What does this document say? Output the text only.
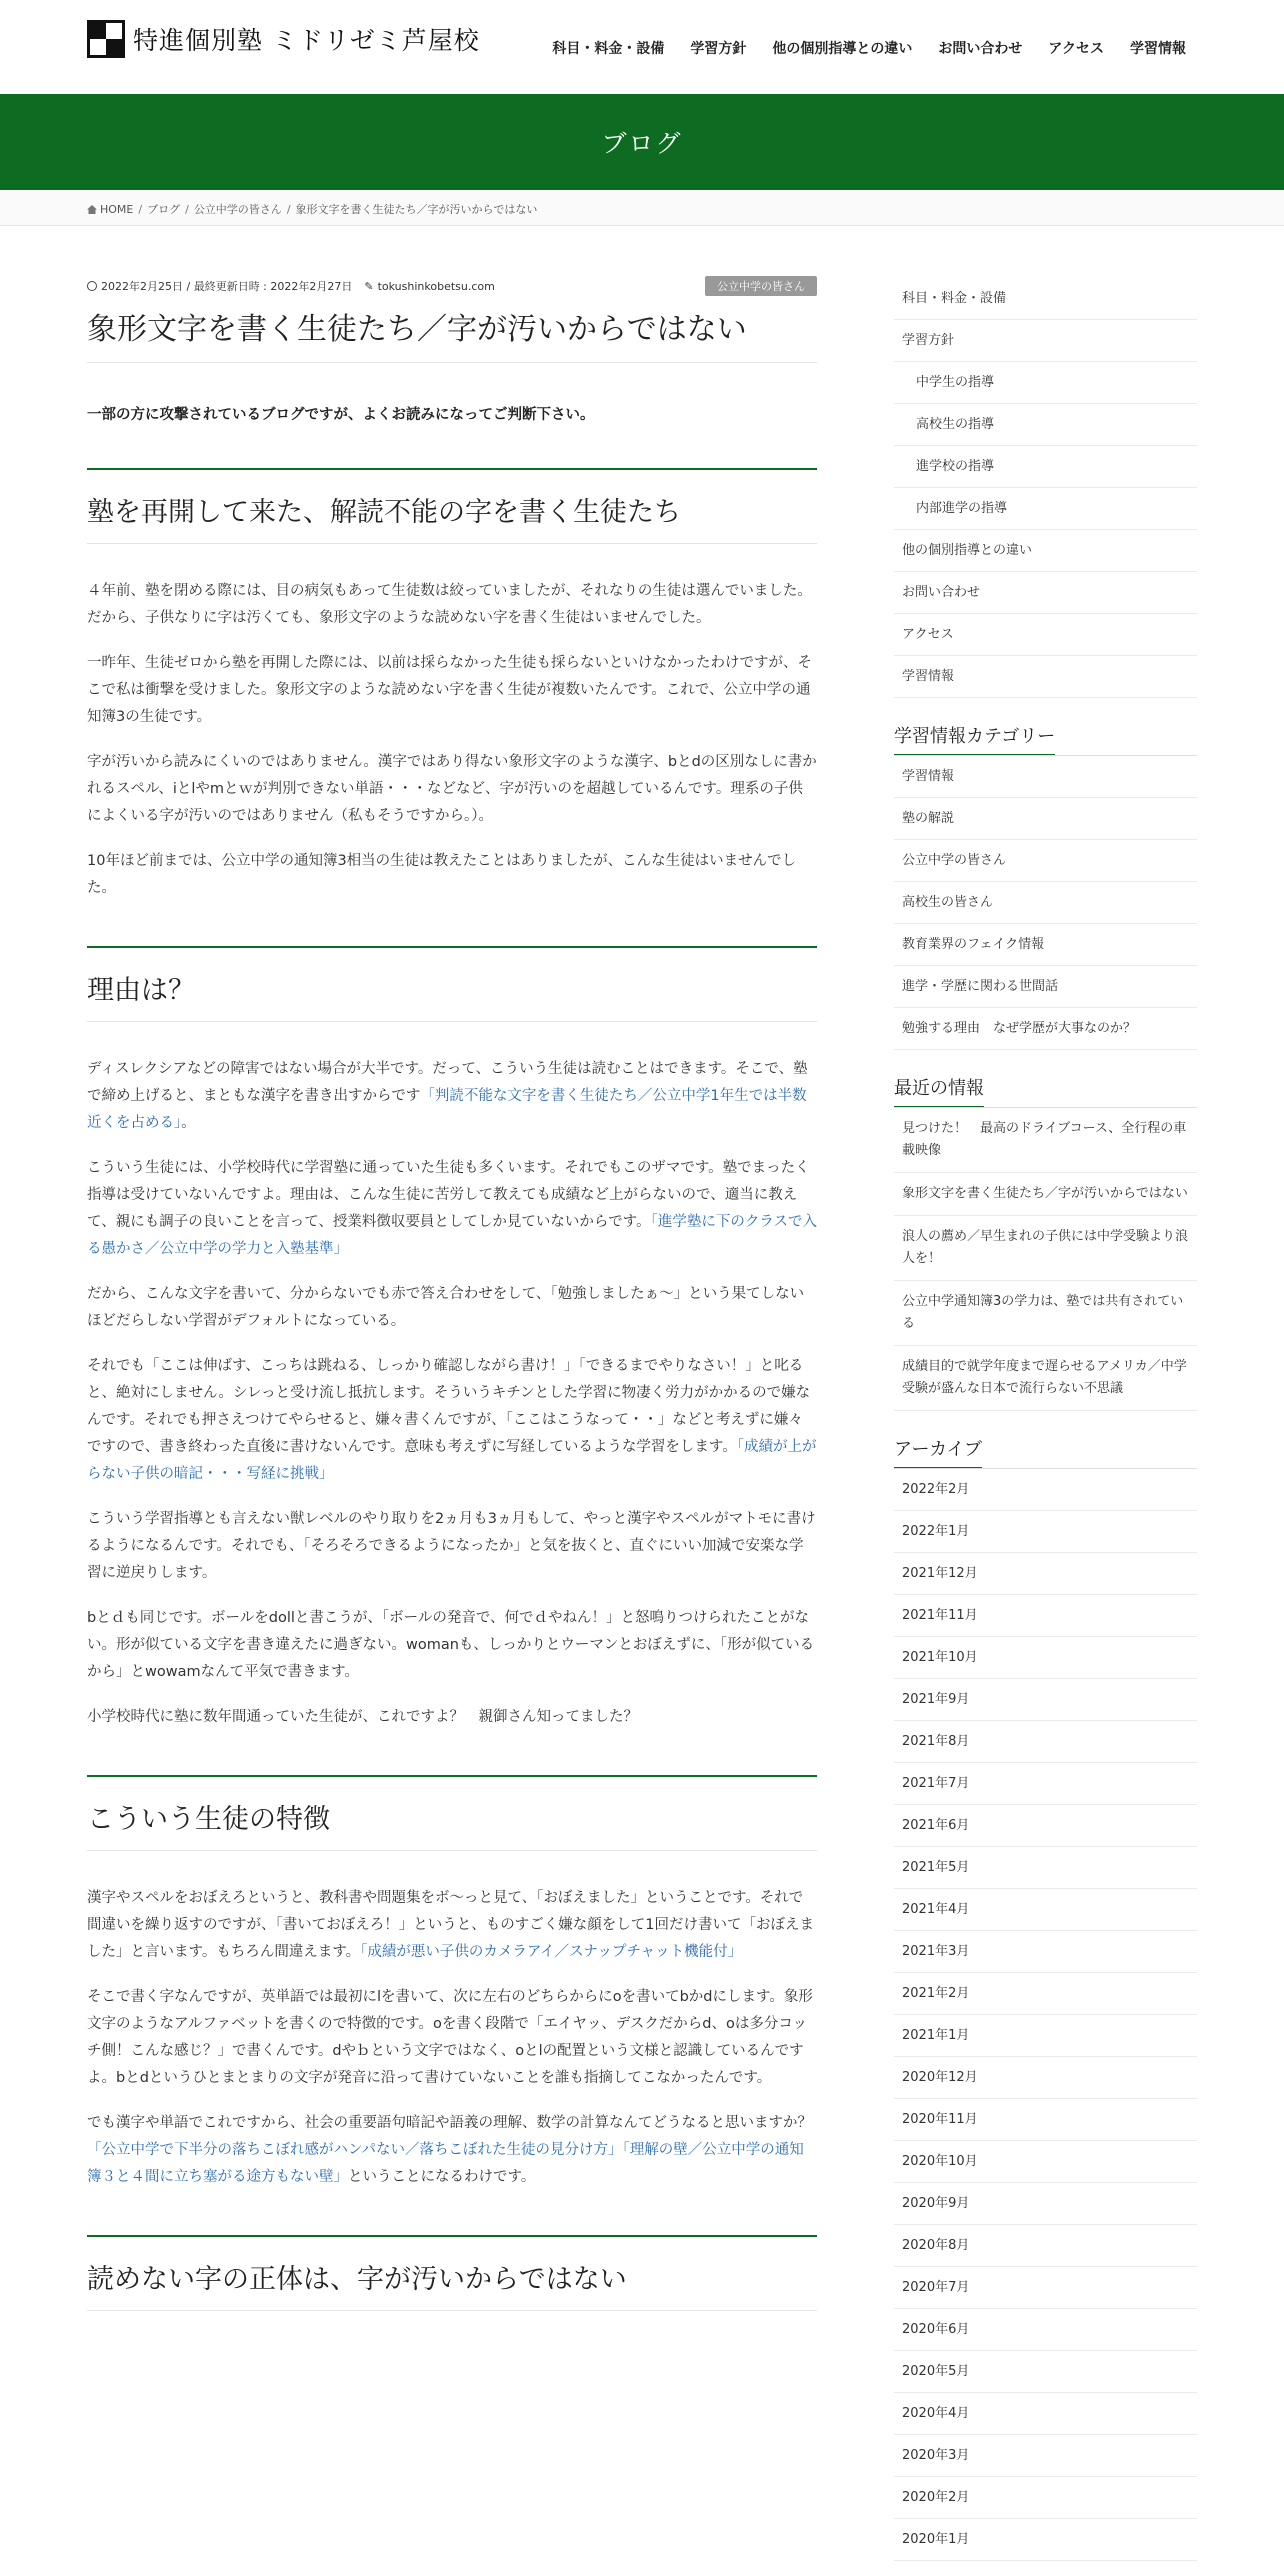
特進個別塾 ミドリゼミ芦屋校	科目・料金・設備 学習方針 他の個別指導との違い お問い合わせ アクセス 学習情報
ブログ
HOME / ブログ / 公立中学の皆さん / 象形文字を書く生徒たち／字が汚いからではない
2022年2月25日 / 最終更新日時 : 2022年2月27日 ✎ tokushinkobetsu.com	公立中学の皆さん
象形文字を書く生徒たち／字が汚いからではない

一部の方に攻撃されているブログですが、よくお読みになってご判断下さい。

塾を再開して来た、解読不能の字を書く生徒たち

４年前、塾を閉める際には、目の病気もあって生徒数は絞っていましたが、それなりの生徒は選んでいました。だから、子供なりに字は汚くても、象形文字のような読めない字を書く生徒はいませんでした。

一昨年、生徒ゼロから塾を再開した際には、以前は採らなかった生徒も採らないといけなかったわけですが、そこで私は衝撃を受けました。象形文字のような読めない字を書く生徒が複数いたんです。これで、公立中学の通知簿3の生徒です。

字が汚いから読みにくいのではありません。漢字ではあり得ない象形文字のような漢字、bとdの区別なしに書かれるスペル、iとlやmとｗが判別できない単語・・・などなど、字が汚いのを超越しているんです。理系の子供によくいる字が汚いのではありません（私もそうですから。）。

10年ほど前までは、公立中学の通知簿3相当の生徒は教えたことはありましたが、こんな生徒はいませんでした。

理由は？

ディスレクシアなどの障害ではない場合が大半です。だって、こういう生徒は読むことはできます。そこで、塾で締め上げると、まともな漢字を書き出すからです「判読不能な文字を書く生徒たち／公立中学1年生では半数近くを占める」。

こういう生徒には、小学校時代に学習塾に通っていた生徒も多くいます。それでもこのザマです。塾でまったく指導は受けていないんですよ。理由は、こんな生徒に苦労して教えても成績など上がらないので、適当に教えて、親にも調子の良いことを言って、授業料徴収要員としてしか見ていないからです。「進学塾に下のクラスで入る愚かさ／公立中学の学力と入塾基準」

だから、こんな文字を書いて、分からないでも赤で答え合わせをして、「勉強しましたぁ～」という果てしないほどだらしない学習がデフォルトになっている。

それでも「ここは伸ばす、こっちは跳ねる、しっかり確認しながら書け！」「できるまでやりなさい！」と叱ると、絶対にしません。シレっと受け流し抵抗します。そういうキチンとした学習に物凄く労力がかかるので嫌なんです。それでも押さえつけてやらせると、嫌々書くんですが、「ここはこうなって・・」などと考えずに嫌々ですので、書き終わった直後に書けないんです。意味も考えずに写経しているような学習をします。「成績が上がらない子供の暗記・・・写経に挑戦」

こういう学習指導とも言えない獣レベルのやり取りを2ヵ月も3ヵ月もして、やっと漢字やスペルがマトモに書けるようになるんです。それでも、「そろそろできるようになったか」と気を抜くと、直ぐにいい加減で安楽な学習に逆戻りします。

bとｄも同じです。ボールをdollと書こうが、「ボールの発音で、何でｄやねん！」と怒鳴りつけられたことがない。形が似ている文字を書き違えたに過ぎない。womanも、しっかりとウーマンとおぼえずに、「形が似ているから」とwowamなんて平気で書きます。

小学校時代に塾に数年間通っていた生徒が、これですよ？　親御さん知ってました？

こういう生徒の特徴

漢字やスペルをおぼえろというと、教科書や問題集をボ～っと見て、「おぼえました」ということです。それで間違いを繰り返すのですが、「書いておぼえろ！」というと、ものすごく嫌な顔をして1回だけ書いて「おぼえました」と言います。もちろん間違えます。「成績が悪い子供のカメラアイ／スナップチャット機能付」

そこで書く字なんですが、英単語では最初にlを書いて、次に左右のどちらからにoを書いてbかdにします。象形文字のようなアルファベットを書くので特徴的です。oを書く段階で「エイヤッ、デスクだからd、oは多分コッチ側！こんな感じ？」で書くんです。dやｂという文字ではなく、oとlの配置という文様と認識しているんですよ。bとdというひとまとまりの文字が発音に沿って書けていないことを誰も指摘してこなかったんです。

でも漢字や単語でこれですから、社会の重要語句暗記や語義の理解、数学の計算なんてどうなると思いますか？「公立中学で下半分の落ちこぼれ感がハンパない／落ちこぼれた生徒の見分け方」「理解の壁／公立中学の通知簿３と４間に立ち塞がる途方もない壁」ということになるわけです。

読めない字の正体は、字が汚いからではない
科目・料金・設備
学習方針
中学生の指導
高校生の指導
進学校の指導
内部進学の指導
他の個別指導との違い
お問い合わせ
アクセス
学習情報
学習情報カテゴリー
学習情報
塾の解説
公立中学の皆さん
高校生の皆さん
教育業界のフェイク情報
進学・学歴に関わる世間話
勉強する理由　なぜ学歴が大事なのか？
最近の情報
見つけた！　最高のドライブコース、全行程の車載映像
象形文字を書く生徒たち／字が汚いからではない
浪人の薦め／早生まれの子供には中学受験より浪人を！
公立中学通知簿3の学力は、塾では共有されている
成績目的で就学年度まで遅らせるアメリカ／中学受験が盛んな日本で流行らない不思議
アーカイブ
2022年2月
2022年1月
2021年12月
2021年11月
2021年10月
2021年9月
2021年8月
2021年7月
2021年6月
2021年5月
2021年4月
2021年3月
2021年2月
2021年1月
2020年12月
2020年11月
2020年10月
2020年9月
2020年8月
2020年7月
2020年6月
2020年5月
2020年4月
2020年3月
2020年2月
2020年1月
